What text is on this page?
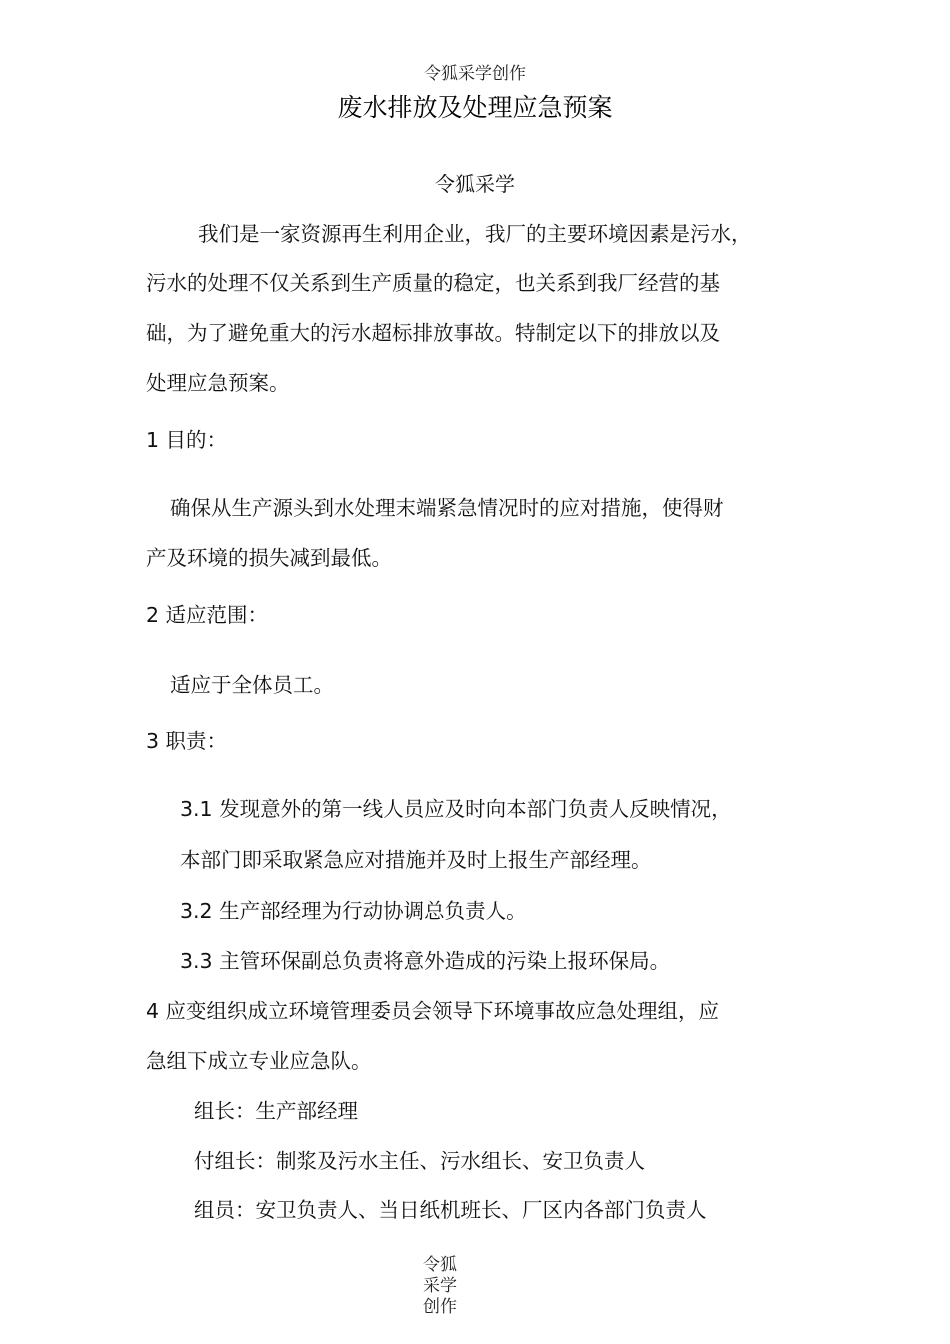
令狐采学创作
废水排放及处理应急预案
令狐采学
我们是一家资源再生利用企业，我厂的主要环境因素是污水，
污水的处理不仅关系到生产质量的稳定，也关系到我厂经营的基
础，为了避免重大的污水超标排放事故。特制定以下的排放以及
处理应急预案。
1 目的：
确保从生产源头到水处理末端紧急情况时的应对措施，使得财
产及环境的损失减到最低。
2 适应范围：
适应于全体员工。
3 职责：
3.1 发现意外的第一线人员应及时向本部门负责人反映情况，
本部门即采取紧急应对措施并及时上报生产部经理。
3.2 生产部经理为行动协调总负责人。
3.3 主管环保副总负责将意外造成的污染上报环保局。
4 应变组织成立环境管理委员会领导下环境事故应急处理组，应
急组下成立专业应急队。
组长：生产部经理
付组长：制浆及污水主任、污水组长、安卫负责人
组员：安卫负责人、当日纸机班长、厂区内各部门负责人
令狐
采学
创作
